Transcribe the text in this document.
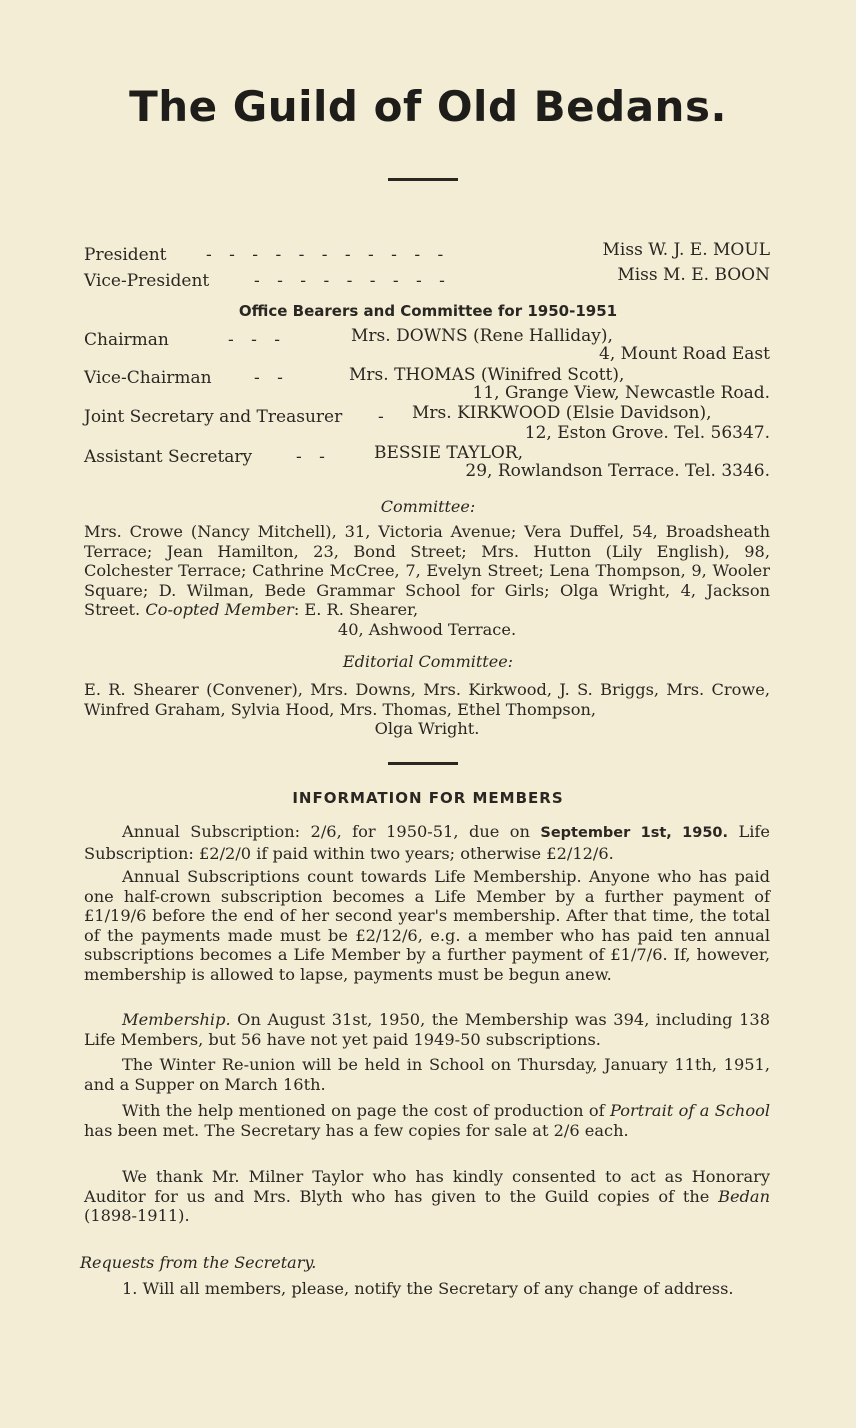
The Guild of Old Bedans.
President - - - - - - - - - - -	Miss W. J. E. MOUL
Vice-President	- - - - - - - - -	Miss M. E. BOON
Office Bearers and Committee for 1950-1951
Chairman	- - -	Mrs. DOWNS (Rene Halliday),
4, Mount Road East
Vice-Chairman - -	Mrs. THOMAS (Winifred Scott),
11, Grange View, Newcastle Road.
Joint Secretary and Treasurer - Mrs. KIRKWOOD (Elsie Davidson),
12, Eston Grove. Tel. 56347.
Assistant Secretary	- -	BESSIE TAYLOR,
29, Rowlandson Terrace. Tel. 3346.
Committee:
Mrs. Crowe (Nancy Mitchell), 31, Victoria Avenue; Vera Duffel, 54, Broadsheath Terrace; Jean Hamilton, 23, Bond Street; Mrs. Hutton (Lily English), 98, Colchester Terrace; Cathrine McCree, 7, Evelyn Street; Lena Thompson, 9, Wooler Square; D. Wilman, Bede Grammar School for Girls; Olga Wright, 4, Jackson Street. Co-opted Member: E. R. Shearer,
40, Ashwood Terrace.
Editorial Committee:
E. R. Shearer (Convener), Mrs. Downs, Mrs. Kirkwood, J. S. Briggs, Mrs. Crowe, Winfred Graham, Sylvia Hood, Mrs. Thomas, Ethel Thompson,
Olga Wright.
INFORMATION FOR MEMBERS
Annual Subscription: 2/6, for 1950-51, due on September 1st, 1950. Life Subscription: £2/2/0 if paid within two years; otherwise £2/12/6.
Annual Subscriptions count towards Life Membership. Anyone who has paid one half-crown subscription becomes a Life Member by a further payment of £1/19/6 before the end of her second year's membership. After that time, the total of the payments made must be £2/12/6, e.g. a member who has paid ten annual subscriptions becomes a Life Member by a further payment of £1/7/6. If, however, membership is allowed to lapse, payments must be begun anew.
Membership. On August 31st, 1950, the Membership was 394, including 138 Life Members, but 56 have not yet paid 1949-50 subscriptions.
The Winter Re-union will be held in School on Thursday, January 11th, 1951, and a Supper on March 16th.
With the help mentioned on page the cost of production of Portrait of a School has been met. The Secretary has a few copies for sale at 2/6 each.
We thank Mr. Milner Taylor who has kindly consented to act as Honorary Auditor for us and Mrs. Blyth who has given to the Guild copies of the Bedan (1898-1911).
Requests from the Secretary.
1. Will all members, please, notify the Secretary of any change of address.
